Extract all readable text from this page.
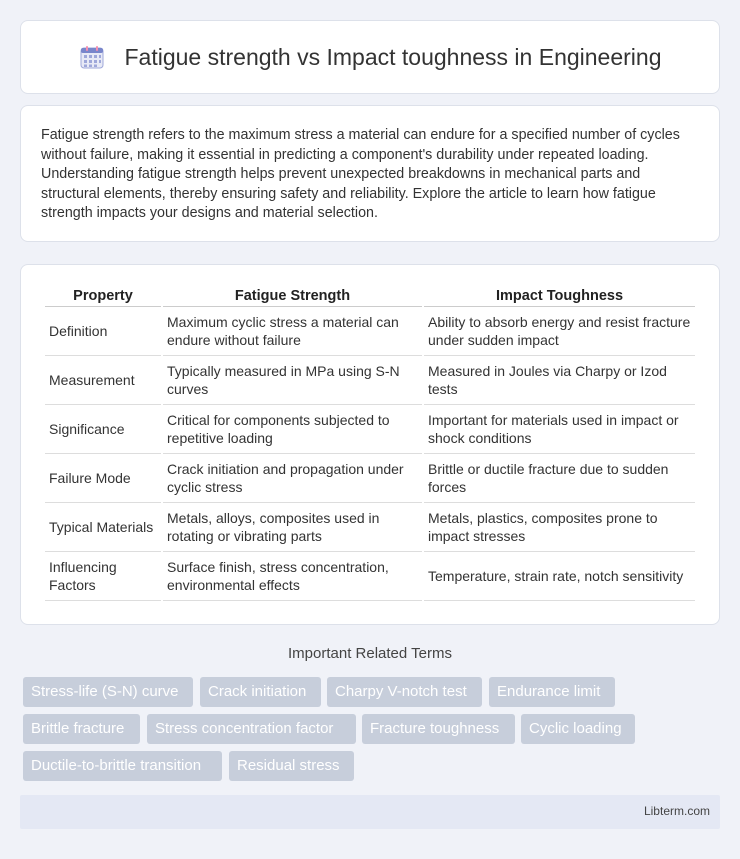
Fatigue strength vs Impact toughness in Engineering

Fatigue strength refers to the maximum stress a material can endure for a specified number of cycles without failure, making it essential in predicting a component's durability under repeated loading. Understanding fatigue strength helps prevent unexpected breakdowns in mechanical parts and structural elements, thereby ensuring safety and reliability. Explore the article to learn how fatigue strength impacts your designs and material selection.

Property	Fatigue Strength	Impact Toughness
Definition	Maximum cyclic stress a material can endure without failure	Ability to absorb energy and resist fracture under sudden impact
Measurement	Typically measured in MPa using S-N curves	Measured in Joules via Charpy or Izod tests
Significance	Critical for components subjected to repetitive loading	Important for materials used in impact or shock conditions
Failure Mode	Crack initiation and propagation under cyclic stress	Brittle or ductile fracture due to sudden forces
Typical Materials	Metals, alloys, composites used in rotating or vibrating parts	Metals, plastics, composites prone to impact stresses
Influencing Factors	Surface finish, stress concentration, environmental effects	Temperature, strain rate, notch sensitivity
Important Related Terms
Stress-life (S-N) curve	Crack initiation	Charpy V-notch test	Endurance limit
Brittle fracture	Stress concentration factor	Fracture toughness	Cyclic loading
Ductile-to-brittle transition	Residual stress
Libterm.com
